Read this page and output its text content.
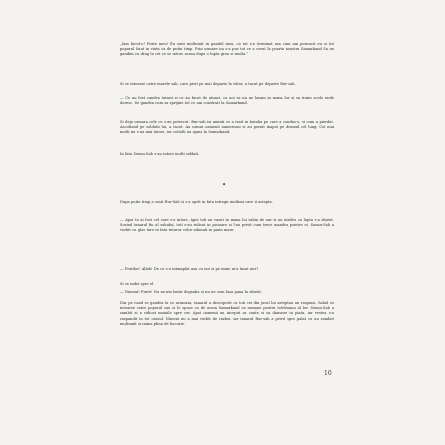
„Iam facut-o! Frate meu! Eu sunt multumit in gandul meu, ca tot s-a terminat asa cum am poruncit eu si tot poporul Sunt in viata ca de putin timp. Prin urmare nu s-a pus tot ce a cerut la poarta noastra Samarkand Sa ne gandim cu drag la cei ce se intorc acasa dupa o lupta grea si multa.”

Si se intoarse catre marele sah, care privi pe mai departe la viitor, a tacut pe departe Rur-sah.

— Ce au fost candva tatarii si ce au facut de atunci, ca noi sa nu ne lasam in mana lor si sa traim acolo unde doresc. Se gandea cum sa sprijine tot ce am construit la Samarkand.

Si deja urmara cele ce s-au petrecut. Rur-sah isi aminti ce a trait in batalia pe care a condus-o, si cum a pierdut. Ascultand pe soldatii lui, a tacut. Au urmat oamenii numeroasi si au pornit inapoi pe drumul cel lung. Cei mai multi nu s-au mai intors, iar ceilalti au ajuns la Samarkand.

In fata Senau-Sah s-au intors multi soldati.

•

Dupa putin timp a sosit Rur-Sah si s-a oprit in fata intregii multimi care ii astepta.

— Apoi tu ai fost cel care s-a intors. Apoi toti au vazut in mana lui sabia de aur si au inteles ca lupta s-a sfarsit. Sosind tanarul fiu al sahului, toti s-au ridicat in picioare si l-au privit cum trece mandru printre ei. Senau-Sah a vorbit cu glas tare in fata tuturor celor adunati in piata mare.

— Fratilor! Allah! De ce s-a intamplat asa cu noi si pe mine m-a lasat aici?

Si se indoi spre el.

— Nimeni! Frate! Nu ne-am batut degeaba si nu ne vom lasa pana la sfarsit.

Dar pe cand se gandea la ce urmeaza, tanarul a descoperit ca toti cei din jurul lui asteptau un raspuns. Sahul se intoarse catre poporul sau si le spuse ca de acum Samarkand va ramane pentru totdeauna al lor. Senau-Sah a zambit si a ridicat mainile spre cer. Apoi oamenii au inceput sa cante si sa danseze in piata, iar vestea s-a raspandit in tot orasul. Nimeni nu a mai vorbit de razboi, iar tanarul Rur-sah a privit spre palat cu un zambet multumit si inima plina de bucurie.

10
